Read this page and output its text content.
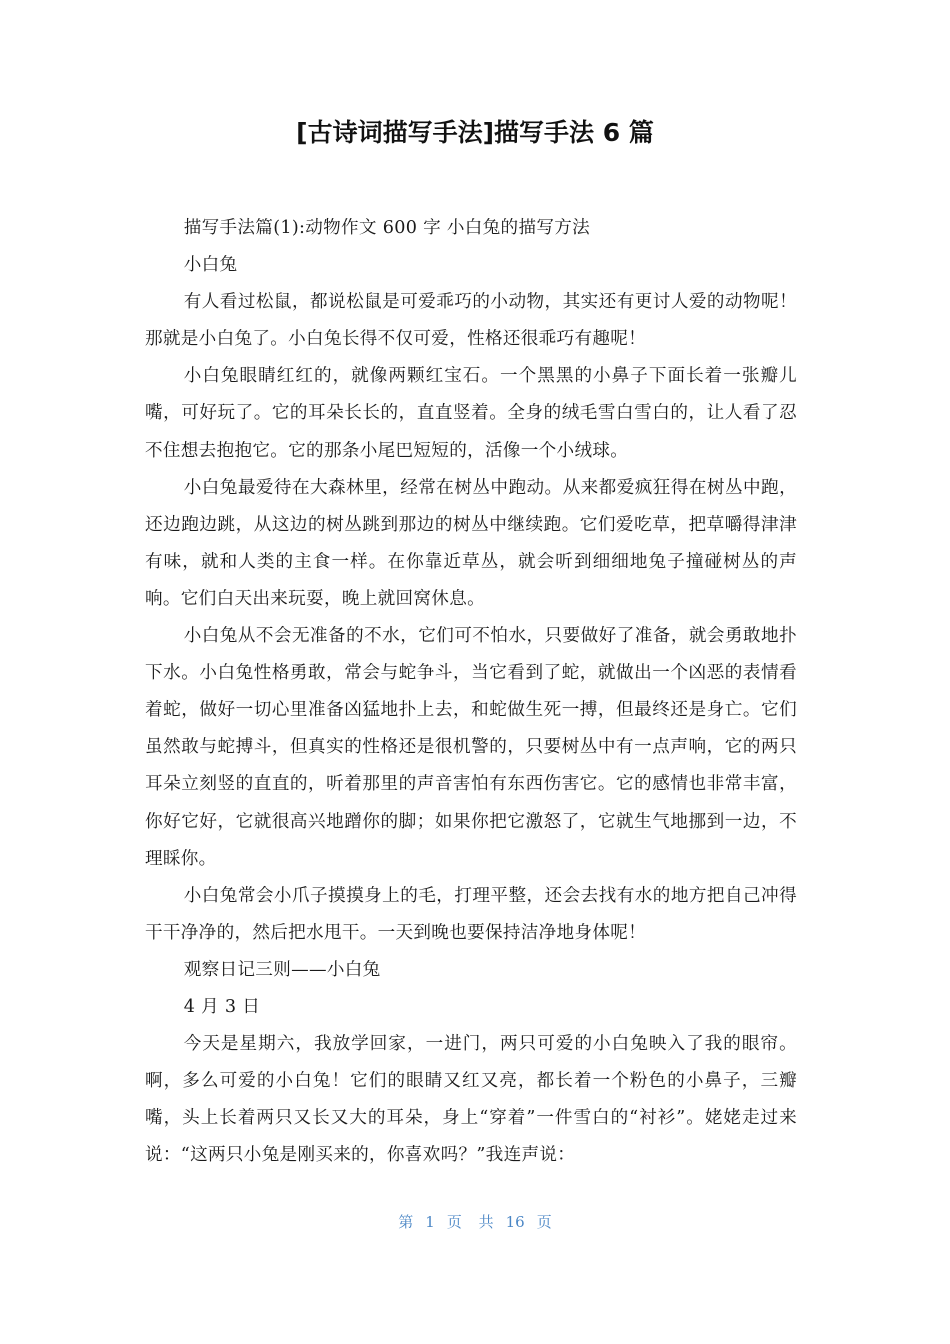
[古诗词描写手法]描写手法 6 篇

描写手法篇(1):动物作文 600 字 小白兔的描写方法

小白兔

有人看过松鼠，都说松鼠是可爱乖巧的小动物，其实还有更讨人爱的动物呢！那就是小白兔了。小白兔长得不仅可爱，性格还很乖巧有趣呢！

小白兔眼睛红红的，就像两颗红宝石。一个黑黑的小鼻子下面长着一张瓣儿嘴，可好玩了。它的耳朵长长的，直直竖着。全身的绒毛雪白雪白的，让人看了忍不住想去抱抱它。它的那条小尾巴短短的，活像一个小绒球。

小白兔最爱待在大森林里，经常在树丛中跑动。从来都爱疯狂得在树丛中跑，还边跑边跳，从这边的树丛跳到那边的树丛中继续跑。它们爱吃草，把草嚼得津津有味，就和人类的主食一样。在你靠近草丛，就会听到细细地兔子撞碰树丛的声响。它们白天出来玩耍，晚上就回窝休息。

小白兔从不会无准备的不水，它们可不怕水，只要做好了准备，就会勇敢地扑下水。小白兔性格勇敢，常会与蛇争斗，当它看到了蛇，就做出一个凶恶的表情看着蛇，做好一切心里准备凶猛地扑上去，和蛇做生死一搏，但最终还是身亡。它们虽然敢与蛇搏斗，但真实的性格还是很机警的，只要树丛中有一点声响，它的两只耳朵立刻竖的直直的，听着那里的声音害怕有东西伤害它。它的感情也非常丰富，你好它好，它就很高兴地蹭你的脚；如果你把它激怒了，它就生气地挪到一边，不理睬你。

小白兔常会小爪子摸摸身上的毛，打理平整，还会去找有水的地方把自己冲得干干净净的，然后把水甩干。一天到晚也要保持洁净地身体呢！

观察日记三则——小白兔

4 月 3 日

今天是星期六，我放学回家，一进门，两只可爱的小白兔映入了我的眼帘。啊，多么可爱的小白兔！它们的眼睛又红又亮，都长着一个粉色的小鼻子，三瓣嘴，头上长着两只又长又大的耳朵，身上“穿着”一件雪白的“衬衫”。姥姥走过来说：“这两只小兔是刚买来的，你喜欢吗？”我连声说：

第 1 页 共 16 页
